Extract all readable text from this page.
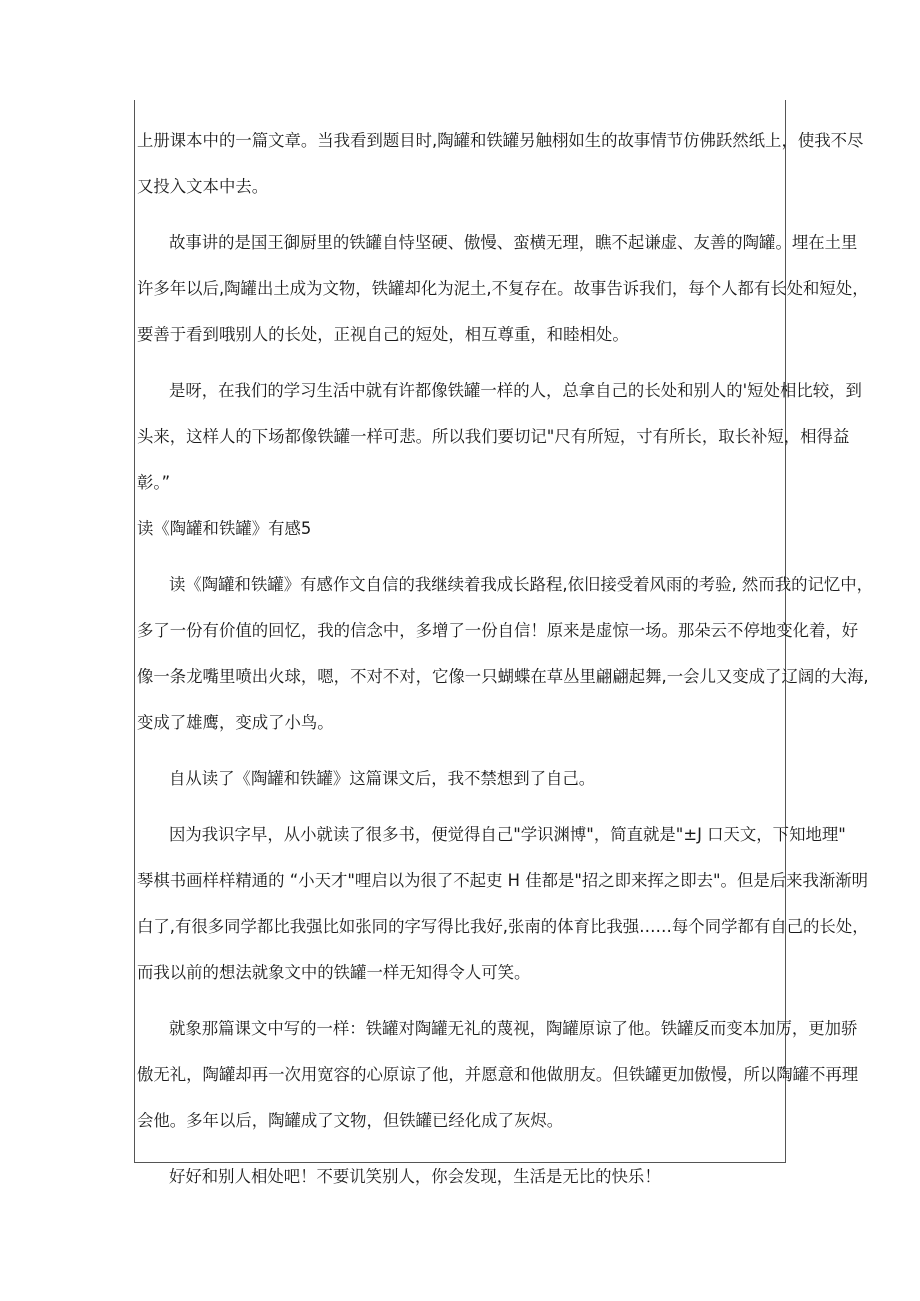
上册课本中的一篇文章。当我看到题目时,陶罐和铁罐另触栩如生的故事情节仿佛跃然纸上，使我不尽
又投入文本中去。
故事讲的是国王御厨里的铁罐自恃坚硬、傲慢、蛮横无理，瞧不起谦虚、友善的陶罐。埋在土里
许多年以后,陶罐出土成为文物，铁罐却化为泥土,不复存在。故事告诉我们，每个人都有长处和短处，
要善于看到哦别人的长处，正视自己的短处，相互尊重，和睦相处。
是呀，在我们的学习生活中就有许都像铁罐一样的人，总拿自己的长处和别人的'短处相比较，到
头来，这样人的下场都像铁罐一样可悲。所以我们要切记"尺有所短，寸有所长，取长补短，相得益
彰。”
读《陶罐和铁罐》有感5
读《陶罐和铁罐》有感作文自信的我继续着我成长路程,依旧接受着风雨的考验, 然而我的记忆中，
多了一份有价值的回忆，我的信念中，多增了一份自信！原来是虚惊一场。那朵云不停地变化着，好
像一条龙嘴里喷出火球，嗯，不对不对，它像一只蝴蝶在草丛里翩翩起舞,一会儿又变成了辽阔的大海,
变成了雄鹰，变成了小鸟。
自从读了《陶罐和铁罐》这篇课文后，我不禁想到了自己。
因为我识字早，从小就读了很多书，便觉得自己"学识渊博"，简直就是"±J 口天文，下知地理"
琴棋书画样样精通的 “小天才"哩启以为很了不起吏 H 佳都是"招之即来挥之即去"。但是后来我渐渐明
白了,有很多同学都比我强比如张同的字写得比我好,张南的体育比我强……每个同学都有自己的长处，
而我以前的想法就象文中的铁罐一样无知得令人可笑。
就象那篇课文中写的一样：铁罐对陶罐无礼的蔑视，陶罐原谅了他。铁罐反而变本加厉，更加骄
傲无礼，陶罐却再一次用宽容的心原谅了他，并愿意和他做朋友。但铁罐更加傲慢，所以陶罐不再理
会他。多年以后，陶罐成了文物，但铁罐已经化成了灰烬。
好好和别人相处吧！不要讥笑别人，你会发现，生活是无比的快乐！
